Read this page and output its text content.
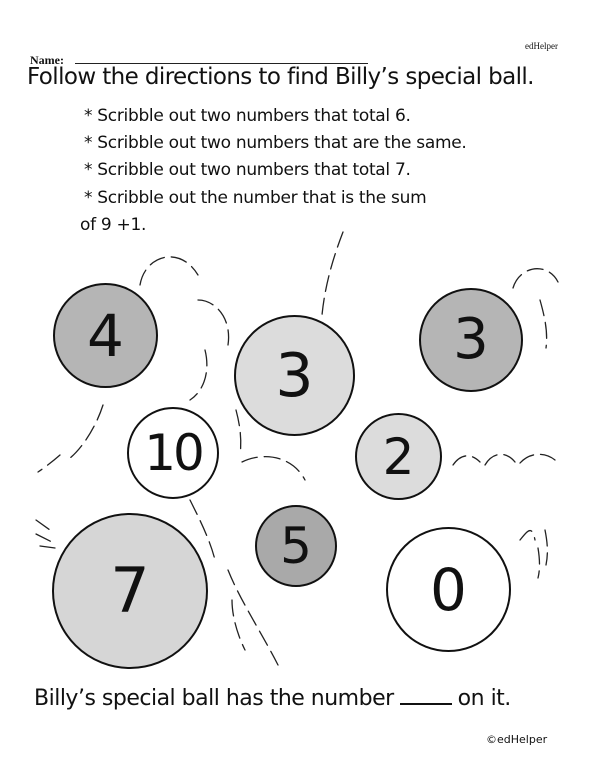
Name:
edHelper
Follow the directions to find Billy’s special ball.
* Scribble out two numbers that total 6.
* Scribble out two numbers that are the same.
* Scribble out two numbers that total 7.
* Scribble out the number that is the sum
of 9 +1.
4
3
3
10	2
5
7	0
Billy’s special ball has the number	on it.
©edHelper
